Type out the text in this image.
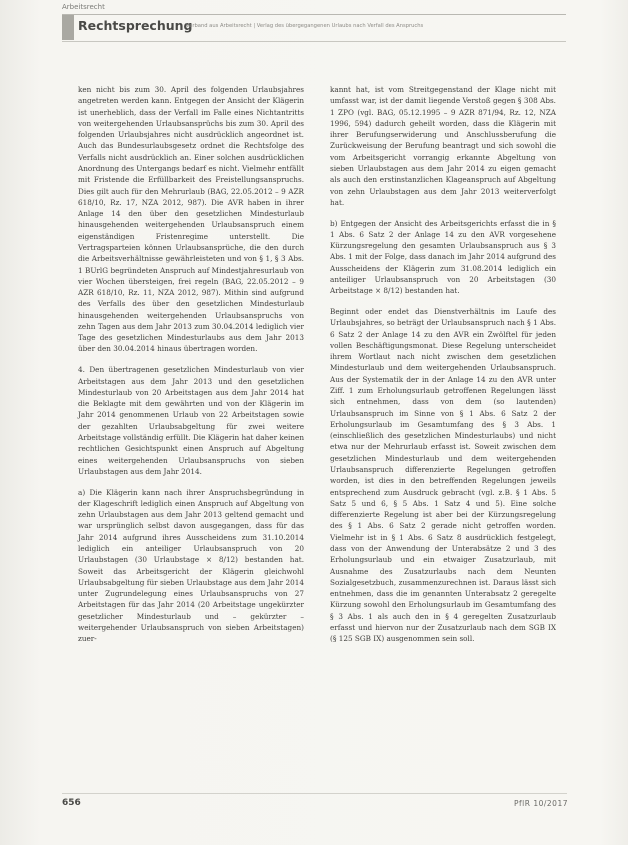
Arbeitsrecht
Rechtsprechung
Verband aus Arbeitsrecht | Verlag des übergegangenen Urlaubs nach Verfall des Anspruchs

ken nicht bis zum 30. April des folgenden Urlaubsjahres angetreten werden kann. Entgegen der Ansicht der Klägerin ist unerheblich, dass der Verfall im Falle eines Nichtantritts von weitergehenden Urlaubsansprüchs bis zum 30. April des folgenden Urlaubsjahres nicht ausdrücklich angeordnet ist. Auch das Bundesurlaubsgesetz ordnet die Rechtsfolge des Verfalls nicht ausdrücklich an. Einer solchen ausdrücklichen Anordnung des Untergangs bedarf es nicht. Vielmehr entfällt mit Fristende die Erfüllbarkeit des Freistellungsanspruchs. Dies gilt auch für den Mehrurlaub (BAG, 22.05.2012 – 9 AZR 618/10, Rz. 17, NZA 2012, 987). Die AVR haben in ihrer Anlage 14 den über den gesetzlichen Mindesturlaub hinausgehenden weitergehenden Urlaubsanspruch einem eigenständigen Fristenregime unterstellt. Die Vertragsparteien können Urlaubsansprüche, die den durch die Arbeitsverhältnisse gewährleisteten und von § 1, § 3 Abs. 1 BUrlG begründeten Anspruch auf Mindestjahresurlaub von vier Wochen übersteigen, frei regeln (BAG, 22.05.2012 – 9 AZR 618/10, Rz. 11, NZA 2012, 987). Mithin sind aufgrund des Verfalls des über den gesetzlichen Mindesturlaub hinausgehenden weitergehenden Urlaubsanspruchs von zehn Tagen aus dem Jahr 2013 zum 30.04.2014 lediglich vier Tage des gesetzlichen Mindesturlaubs aus dem Jahr 2013 über den 30.04.2014 hinaus übertragen worden.

4. Den übertragenen gesetzlichen Mindesturlaub von vier Arbeitstagen aus dem Jahr 2013 und den gesetzlichen Mindesturlaub von 20 Arbeitstagen aus dem Jahr 2014 hat die Beklagte mit dem gewährten und von der Klägerin im Jahr 2014 genommenen Urlaub von 22 Arbeitstagen sowie der gezahlten Urlaubsabgeltung für zwei weitere Arbeitstage vollständig erfüllt. Die Klägerin hat daher keinen rechtlichen Gesichtspunkt einen Anspruch auf Abgeltung eines weitergehenden Urlaubsanspruchs von sieben Urlaubstagen aus dem Jahr 2014.

a) Die Klägerin kann nach ihrer Anspruchsbegründung in der Klageschrift lediglich einen Anspruch auf Abgeltung von zehn Urlaubstagen aus dem Jahr 2013 geltend gemacht und war ursprünglich selbst davon ausgegangen, dass für das Jahr 2014 aufgrund ihres Ausscheidens zum 31.10.2014 lediglich ein anteiliger Urlaubsanspruch von 20 Urlaubstagen (30 Urlaubstage × 8/12) bestanden hat. Soweit das Arbeitsgericht der Klägerin gleichwohl Urlaubsabgeltung für sieben Urlaubstage aus dem Jahr 2014 unter Zugrundelegung eines Urlaubsanspruchs von 27 Arbeitstagen für das Jahr 2014 (20 Arbeitstage ungekürzter gesetzlicher Mindesturlaub und – gekürzter – weitergehender Urlaubsanspruch von sieben Arbeitstagen) zuer-

kannt hat, ist vom Streitgegenstand der Klage nicht mit umfasst war, ist der damit liegende Verstoß gegen § 308 Abs. 1 ZPO (vgl. BAG, 05.12.1995 – 9 AZR 871/94, Rz. 12, NZA 1996, 594) dadurch geheilt worden, dass die Klägerin mit ihrer Berufungserwiderung und Anschlussberufung die Zurückweisung der Berufung beantragt und sich sowohl die vom Arbeitsgericht vorrangig erkannte Abgeltung von sieben Urlaubstagen aus dem Jahr 2014 zu eigen gemacht als auch den erstinstanzlichen Klageanspruch auf Abgeltung von zehn Urlaubstagen aus dem Jahr 2013 weiterverfolgt hat.

b) Entgegen der Ansicht des Arbeitsgerichts erfasst die in § 1 Abs. 6 Satz 2 der Anlage 14 zu den AVR vorgesehene Kürzungsregelung den gesamten Urlaubsanspruch aus § 3 Abs. 1 mit der Folge, dass danach im Jahr 2014 aufgrund des Ausscheidens der Klägerin zum 31.08.2014 lediglich ein anteiliger Urlaubsanspruch von 20 Arbeitstagen (30 Arbeitstage × 8/12) bestanden hat.

Beginnt oder endet das Dienstverhältnis im Laufe des Urlaubsjahres, so beträgt der Urlaubsanspruch nach § 1 Abs. 6 Satz 2 der Anlage 14 zu den AVR ein Zwölftel für jeden vollen Beschäftigungsmonat. Diese Regelung unterscheidet ihrem Wortlaut nach nicht zwischen dem gesetzlichen Mindesturlaub und dem weitergehenden Urlaubsanspruch. Aus der Systematik der in der Anlage 14 zu den AVR unter Ziff. 1 zum Erholungsurlaub getroffenen Regelungen lässt sich entnehmen, dass von dem (so lautenden) Urlaubsanspruch im Sinne von § 1 Abs. 6 Satz 2 der Erholungsurlaub im Gesamtumfang des § 3 Abs. 1 (einschließlich des gesetzlichen Mindesturlaubs) und nicht etwa nur der Mehrurlaub erfasst ist. Soweit zwischen dem gesetzlichen Mindesturlaub und dem weitergehenden Urlaubsanspruch differenzierte Regelungen getroffen worden, ist dies in den betreffenden Regelungen jeweils entsprechend zum Ausdruck gebracht (vgl. z.B. § 1 Abs. 5 Satz 5 und 6, § 5 Abs. 1 Satz 4 und 5). Eine solche differenzierte Regelung ist aber bei der Kürzungsregelung des § 1 Abs. 6 Satz 2 gerade nicht getroffen worden. Vielmehr ist in § 1 Abs. 6 Satz 8 ausdrücklich festgelegt, dass von der Anwendung der Unterabsätze 2 und 3 des Erholungsurlaub und ein etwaiger Zusatzurlaub, mit Ausnahme des Zusatzurlaubs nach dem Neunten Sozialgesetzbuch, zusammenzurechnen ist. Daraus lässt sich entnehmen, dass die im genannten Unterabsatz 2 geregelte Kürzung sowohl den Erholungsurlaub im Gesamtumfang des § 3 Abs. 1 als auch den in § 4 geregelten Zusatzurlaub erfasst und hiervon nur der Zusatzurlaub nach dem SGB IX (§ 125 SGB IX) ausgenommen sein soll.

656	PflR 10/2017
